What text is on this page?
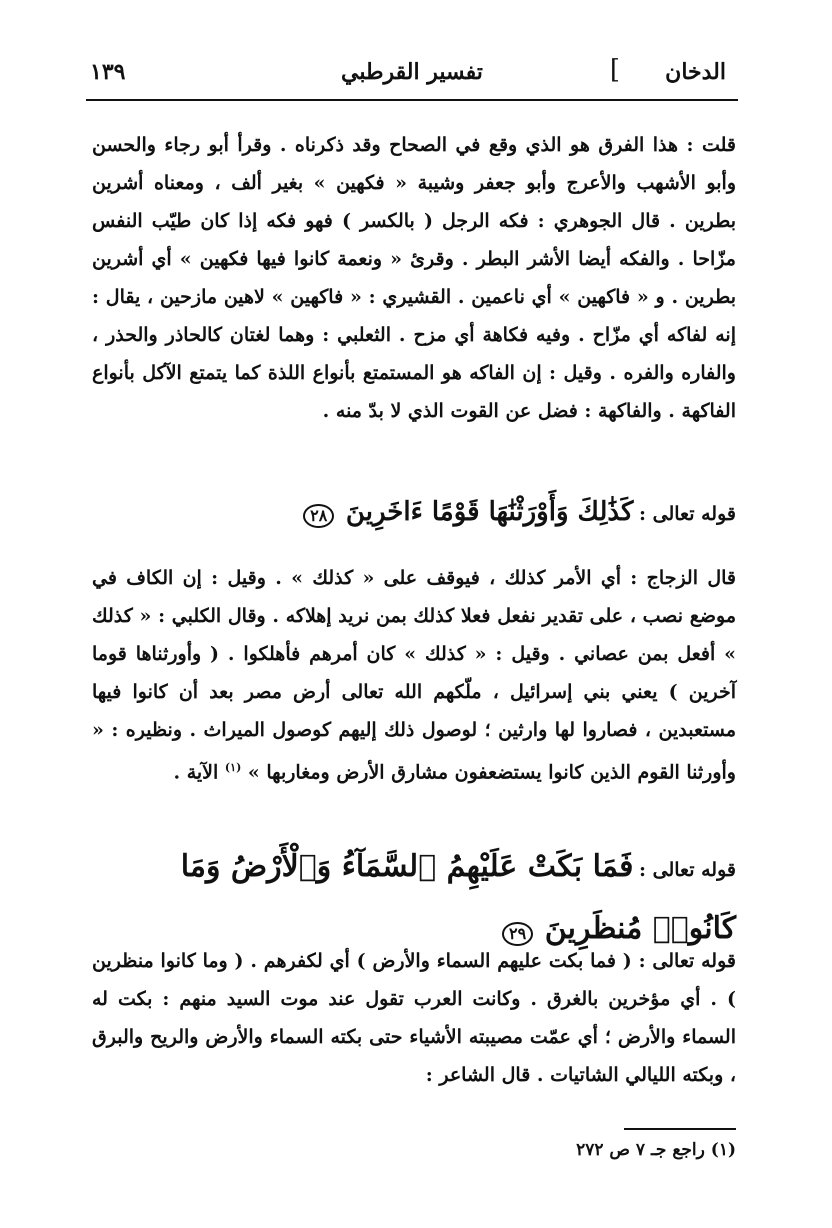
الدخان
]
تفسير القرطبي
١٣٩
قلت : هذا الفرق هو الذي وقع في الصحاح وقد ذكرناه . وقرأ أبو رجاء والحسن وأبو الأشهب والأعرج وأبو جعفر وشيبة « فكهين » بغير ألف ، ومعناه أشرين بطرين . قال الجوهري : فكه الرجل ( بالكسر ) فهو فكه إذا كان طيّب النفس مزّاحا . والفكه أيضا الأشر البطر . وقرئ « ونعمة كانوا فيها فكهين » أي أشرين بطرين . و « فاكهين » أي ناعمين . القشيري : « فاكهين » لاهين مازحين ، يقال : إنه لفاكه أي مزّاح . وفيه فكاهة أي مزح . الثعلبي : وهما لغتان كالحاذر والحذر ، والفاره والفره . وقيل : إن الفاكه هو المستمتع بأنواع اللذة كما يتمتع الآكل بأنواع الفاكهة . والفاكهة : فضل عن القوت الذي لا بدّ منه .
قوله تعالى : كَذَٰلِكَ وَأَوْرَثْنَٰهَا قَوْمًا ءَاخَرِينَ ٢٨
قال الزجاج : أي الأمر كذلك ، فيوقف على « كذلك » . وقيل : إن الكاف في موضع نصب ، على تقدير نفعل فعلا كذلك بمن نريد إهلاكه . وقال الكلبي : « كذلك » أفعل بمن عصاني . وقيل : « كذلك » كان أمرهم فأهلكوا . ( وأورثناها قوما آخرين ) يعني بني إسرائيل ، ملّكهم الله تعالى أرض مصر بعد أن كانوا فيها مستعبدين ، فصاروا لها وارثين ؛ لوصول ذلك إليهم كوصول الميراث . ونظيره : « وأورثنا القوم الذين كانوا يستضعفون مشارق الأرض ومغاربها » $^{(١)}$ الآية .
قوله تعالى : فَمَا بَكَتْ عَلَيْهِمُ ٱلسَّمَآءُ وَٱلْأَرْضُ وَمَا كَانُوا۟ مُنظَرِينَ ٢٩
قوله تعالى : ( فما بكت عليهم السماء والأرض ) أي لكفرهم . ( وما كانوا منظرين ) . أي مؤخرين بالغرق . وكانت العرب تقول عند موت السيد منهم : بكت له السماء والأرض ؛ أي عمّت مصيبته الأشياء حتى بكته السماء والأرض والريح والبرق ، وبكته الليالي الشاتيات . قال الشاعر :
(١) راجع جـ ٧ ص ٢٧٢
